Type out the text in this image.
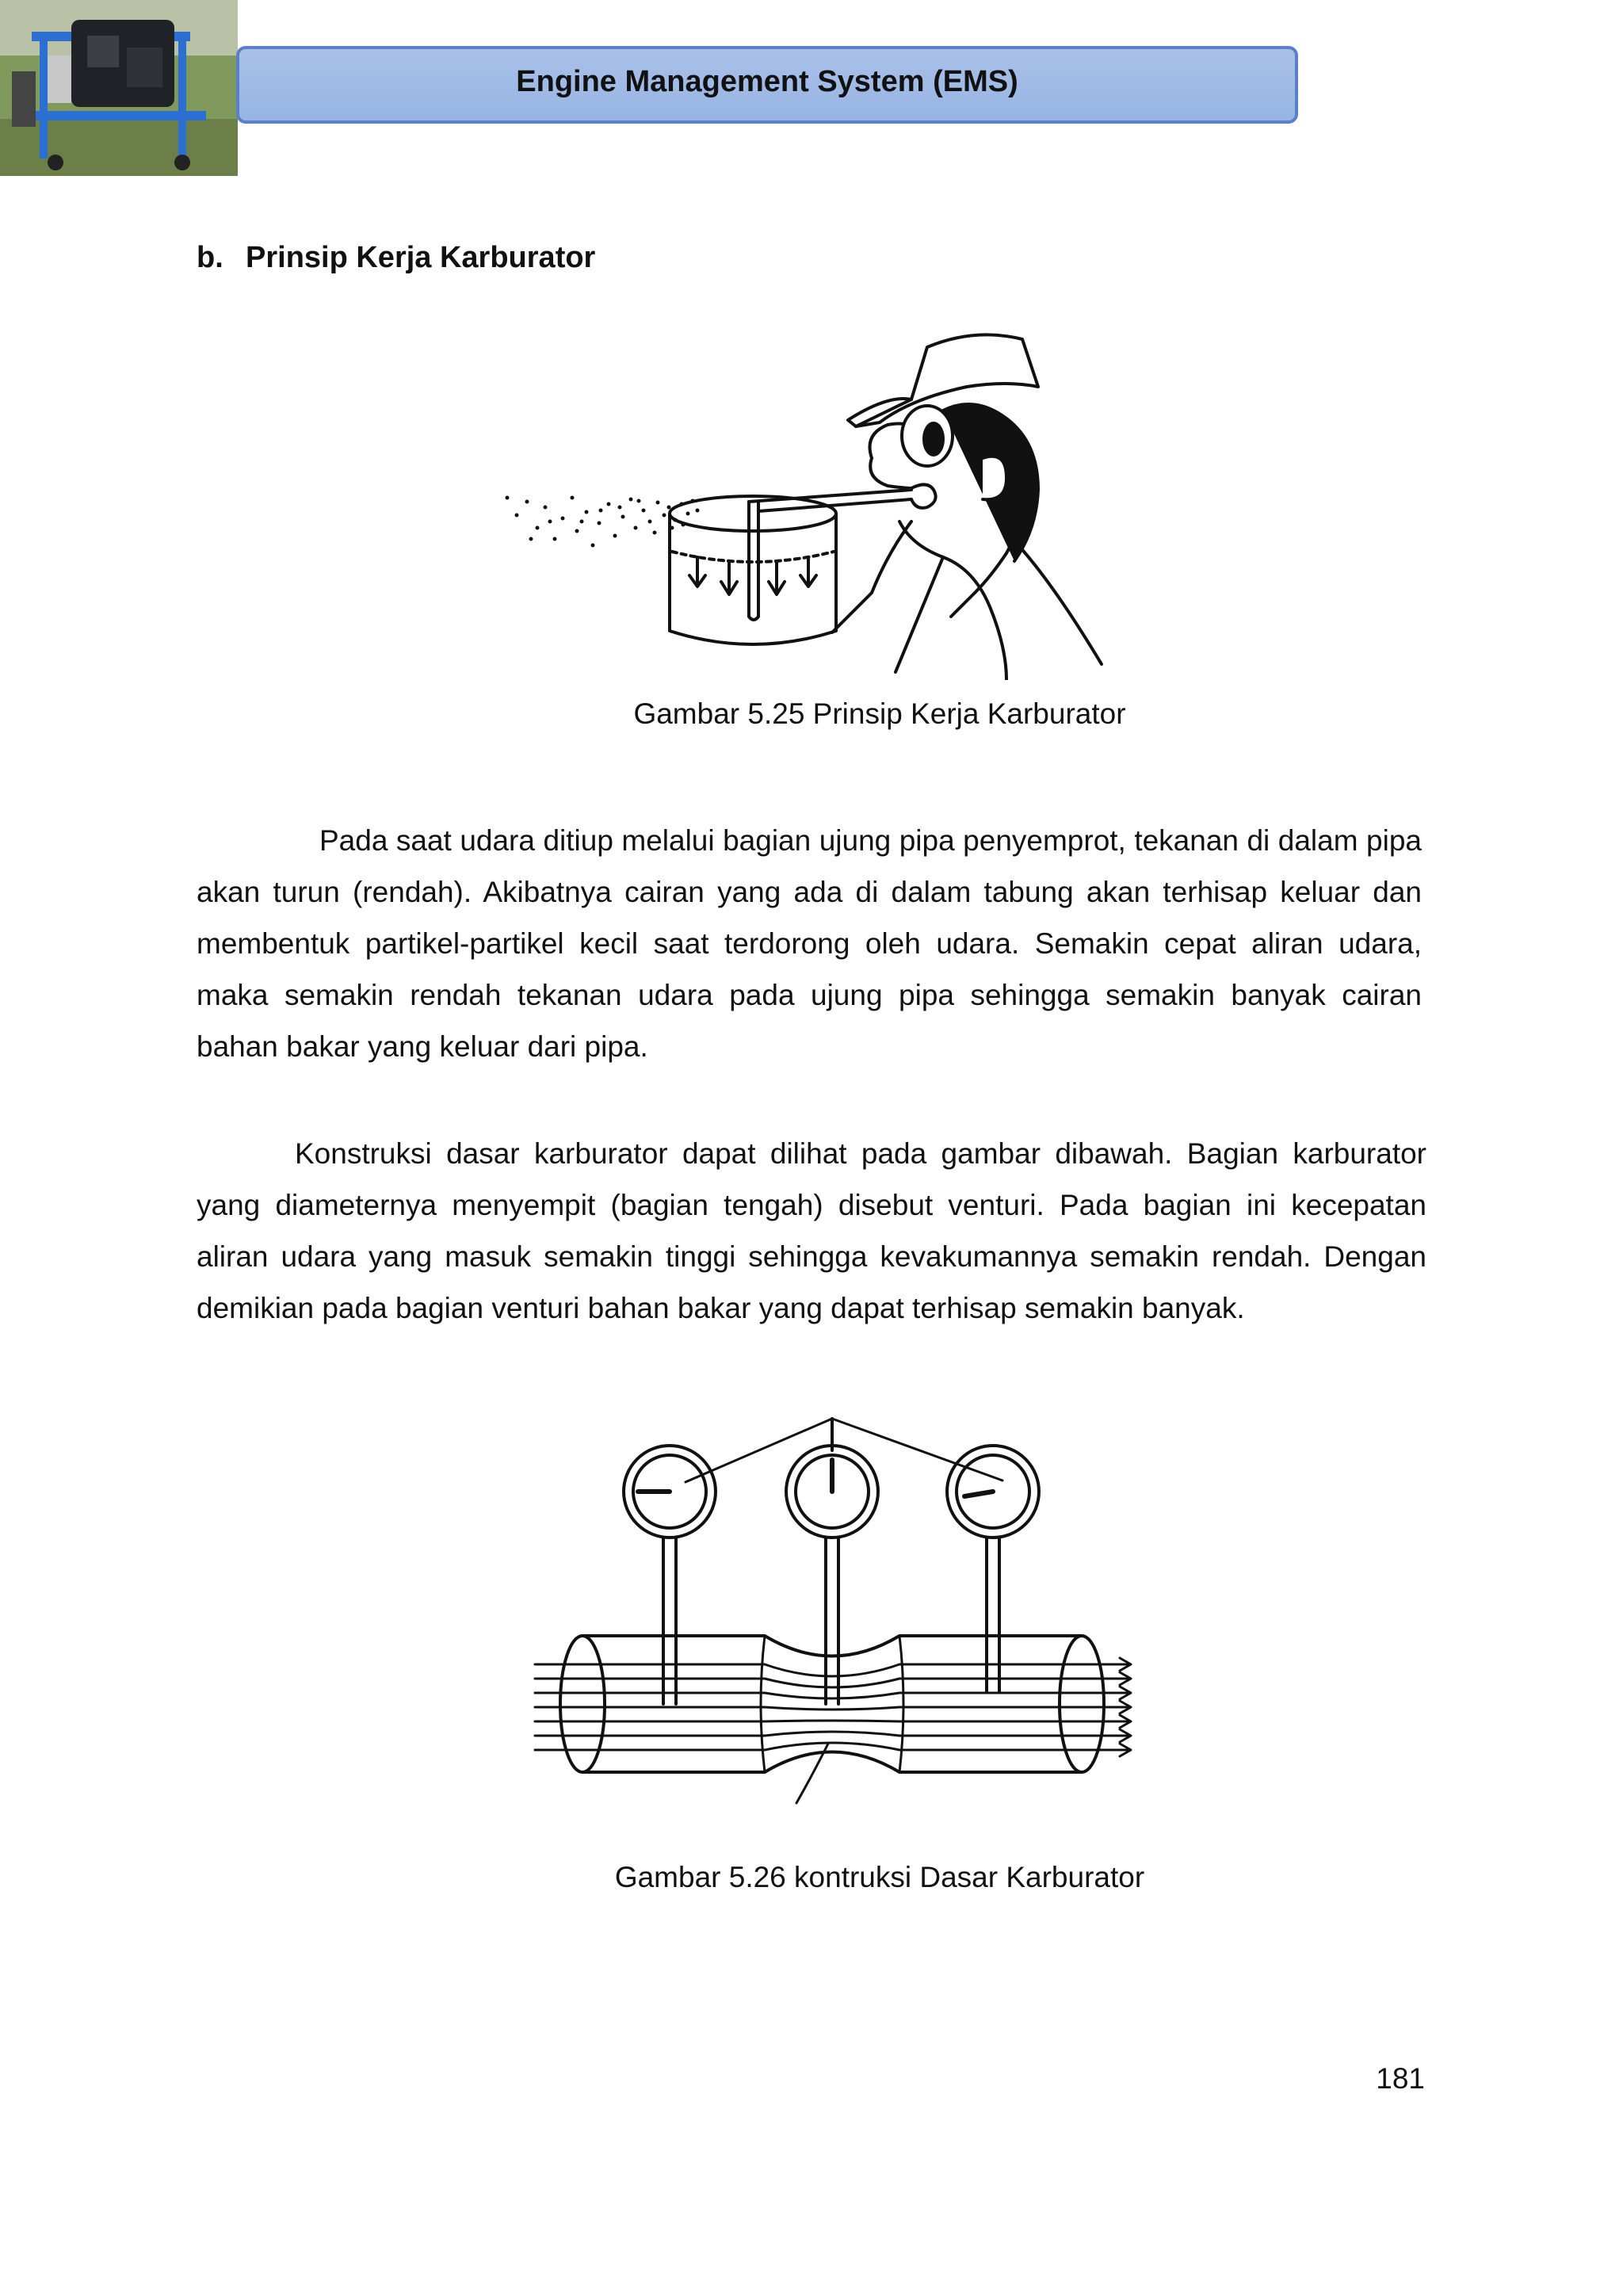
Engine Management System (EMS)
b. Prinsip Kerja Karburator
Gambar 5.25 Prinsip Kerja Karburator

Pada saat udara ditiup melalui bagian ujung pipa penyemprot, tekanan di dalam pipa akan turun (rendah). Akibatnya cairan yang ada di dalam tabung akan terhisap keluar dan membentuk partikel-partikel kecil saat terdorong oleh udara. Semakin cepat aliran udara, maka semakin rendah tekanan udara pada ujung pipa sehingga semakin banyak cairan bahan bakar yang keluar dari pipa.

Konstruksi dasar karburator dapat dilihat pada gambar dibawah. Bagian karburator yang diameternya menyempit (bagian tengah) disebut venturi. Pada bagian ini kecepatan aliran udara yang masuk semakin tinggi sehingga kevakumannya semakin rendah. Dengan demikian pada bagian venturi bahan bakar yang dapat terhisap semakin banyak.

Gambar 5.26 kontruksi Dasar Karburator
181
